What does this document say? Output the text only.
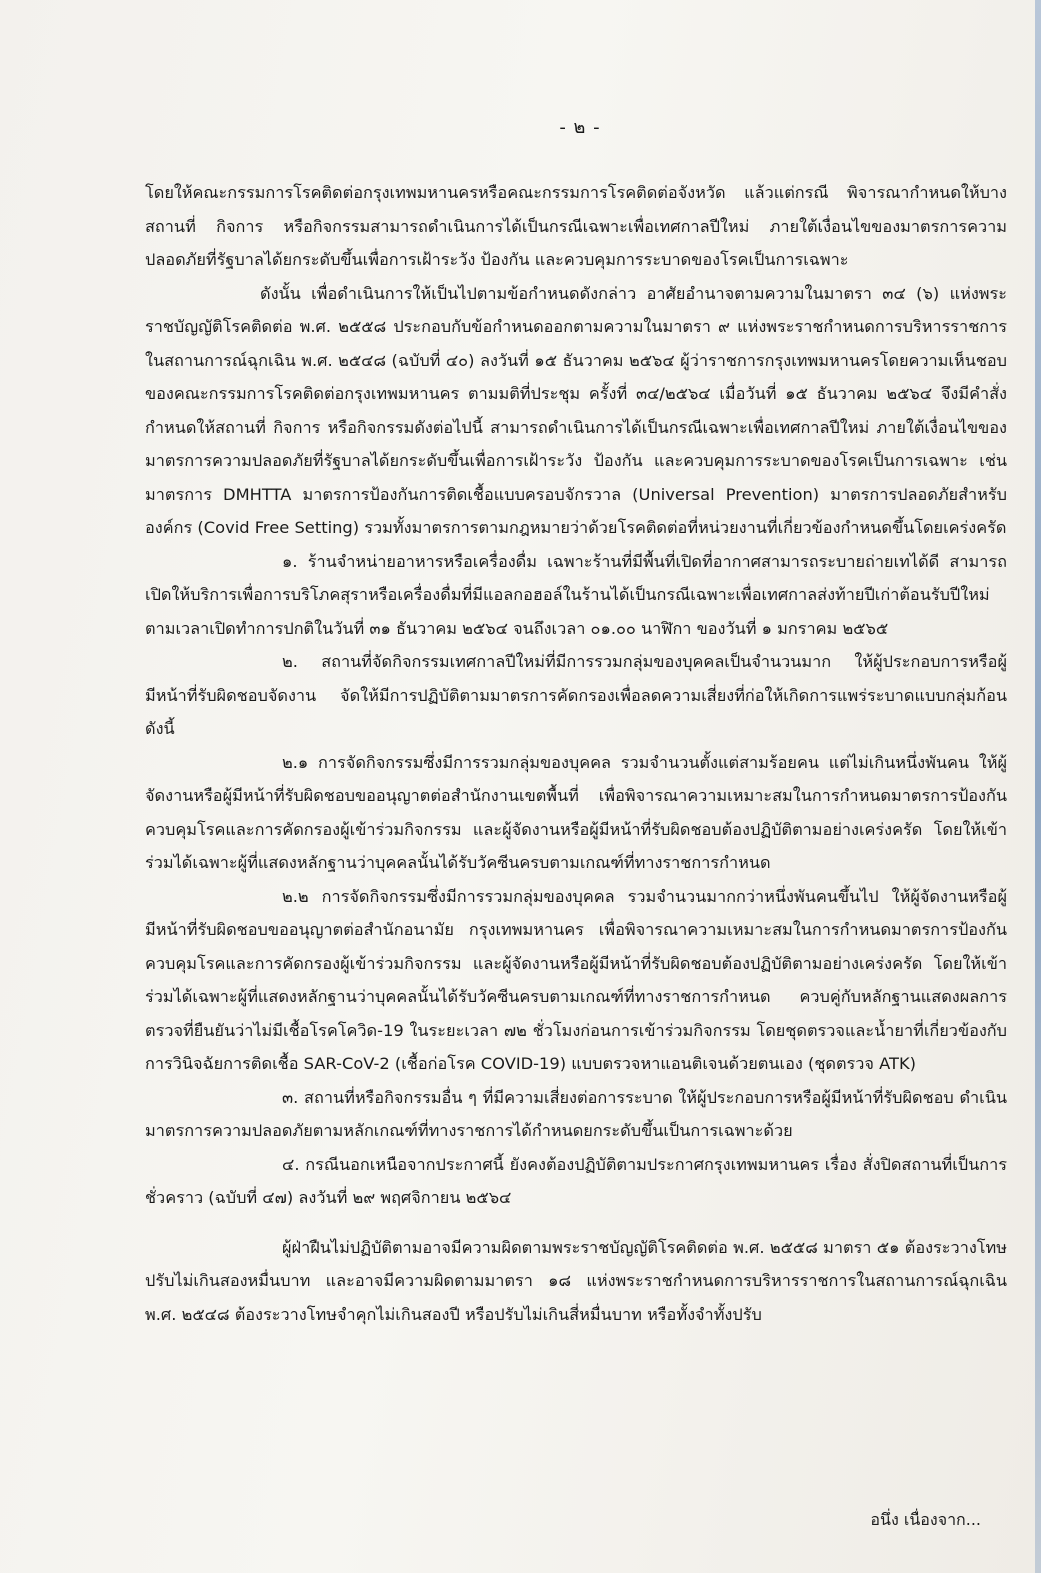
- ๒ -

โดยให้คณะกรรมการโรคติดต่อกรุงเทพมหานครหรือคณะกรรมการโรคติดต่อจังหวัด แล้วแต่กรณี พิจารณากำหนดให้บางสถานที่ กิจการ หรือกิจกรรมสามารถดำเนินการได้เป็นกรณีเฉพาะเพื่อเทศกาลปีใหม่ ภายใต้เงื่อนไขของมาตรการความปลอดภัยที่รัฐบาลได้ยกระดับขึ้นเพื่อการเฝ้าระวัง ป้องกัน และควบคุมการระบาดของโรคเป็นการเฉพาะ

ดังนั้น เพื่อดำเนินการให้เป็นไปตามข้อกำหนดดังกล่าว อาศัยอำนาจตามความในมาตรา ๓๔ (๖) แห่งพระราชบัญญัติโรคติดต่อ พ.ศ. ๒๕๕๘ ประกอบกับข้อกำหนดออกตามความในมาตรา ๙ แห่งพระราชกำหนดการบริหารราชการในสถานการณ์ฉุกเฉิน พ.ศ. ๒๕๔๘ (ฉบับที่ ๔๐) ลงวันที่ ๑๕ ธันวาคม ๒๕๖๔ ผู้ว่าราชการกรุงเทพมหานครโดยความเห็นชอบของคณะกรรมการโรคติดต่อกรุงเทพมหานคร ตามมติที่ประชุม ครั้งที่ ๓๔/๒๕๖๔ เมื่อวันที่ ๑๕ ธันวาคม ๒๕๖๔ จึงมีคำสั่งกำหนดให้สถานที่ กิจการ หรือกิจกรรมดังต่อไปนี้ สามารถดำเนินการได้เป็นกรณีเฉพาะเพื่อเทศกาลปีใหม่ ภายใต้เงื่อนไขของมาตรการความปลอดภัยที่รัฐบาลได้ยกระดับขึ้นเพื่อการเฝ้าระวัง ป้องกัน และควบคุมการระบาดของโรคเป็นการเฉพาะ เช่น มาตรการ DMHTTA มาตรการป้องกันการติดเชื้อแบบครอบจักรวาล (Universal Prevention) มาตรการปลอดภัยสำหรับองค์กร (Covid Free Setting) รวมทั้งมาตรการตามกฎหมายว่าด้วยโรคติดต่อที่หน่วยงานที่เกี่ยวข้องกำหนดขึ้นโดยเคร่งครัด

๑. ร้านจำหน่ายอาหารหรือเครื่องดื่ม เฉพาะร้านที่มีพื้นที่เปิดที่อากาศสามารถระบายถ่ายเทได้ดี สามารถเปิดให้บริการเพื่อการบริโภคสุราหรือเครื่องดื่มที่มีแอลกอฮอล์ในร้านได้เป็นกรณีเฉพาะเพื่อเทศกาลส่งท้ายปีเก่าต้อนรับปีใหม่ ตามเวลาเปิดทำการปกติในวันที่ ๓๑ ธันวาคม ๒๕๖๔ จนถึงเวลา ๐๑.๐๐ นาฬิกา ของวันที่ ๑ มกราคม ๒๕๖๕

๒. สถานที่จัดกิจกรรมเทศกาลปีใหม่ที่มีการรวมกลุ่มของบุคคลเป็นจำนวนมาก ให้ผู้ประกอบการหรือผู้มีหน้าที่รับผิดชอบจัดงาน จัดให้มีการปฏิบัติตามมาตรการคัดกรองเพื่อลดความเสี่ยงที่ก่อให้เกิดการแพร่ระบาดแบบกลุ่มก้อน ดังนี้

๒.๑ การจัดกิจกรรมซึ่งมีการรวมกลุ่มของบุคคล รวมจำนวนตั้งแต่สามร้อยคน แต่ไม่เกินหนึ่งพันคน ให้ผู้จัดงานหรือผู้มีหน้าที่รับผิดชอบขออนุญาตต่อสำนักงานเขตพื้นที่ เพื่อพิจารณาความเหมาะสมในการกำหนดมาตรการป้องกันควบคุมโรคและการคัดกรองผู้เข้าร่วมกิจกรรม และผู้จัดงานหรือผู้มีหน้าที่รับผิดชอบต้องปฏิบัติตามอย่างเคร่งครัด โดยให้เข้าร่วมได้เฉพาะผู้ที่แสดงหลักฐานว่าบุคคลนั้นได้รับวัคซีนครบตามเกณฑ์ที่ทางราชการกำหนด

๒.๒ การจัดกิจกรรมซึ่งมีการรวมกลุ่มของบุคคล รวมจำนวนมากกว่าหนึ่งพันคนขึ้นไป ให้ผู้จัดงานหรือผู้มีหน้าที่รับผิดชอบขออนุญาตต่อสำนักอนามัย กรุงเทพมหานคร เพื่อพิจารณาความเหมาะสมในการกำหนดมาตรการป้องกันควบคุมโรคและการคัดกรองผู้เข้าร่วมกิจกรรม และผู้จัดงานหรือผู้มีหน้าที่รับผิดชอบต้องปฏิบัติตามอย่างเคร่งครัด โดยให้เข้าร่วมได้เฉพาะผู้ที่แสดงหลักฐานว่าบุคคลนั้นได้รับวัคซีนครบตามเกณฑ์ที่ทางราชการกำหนด ควบคู่กับหลักฐานแสดงผลการตรวจที่ยืนยันว่าไม่มีเชื้อโรคโควิด-19 ในระยะเวลา ๗๒ ชั่วโมงก่อนการเข้าร่วมกิจกรรม โดยชุดตรวจและน้ำยาที่เกี่ยวข้องกับการวินิจฉัยการติดเชื้อ SAR-CoV-2 (เชื้อก่อโรค COVID-19) แบบตรวจหาแอนติเจนด้วยตนเอง (ชุดตรวจ ATK)

๓. สถานที่หรือกิจกรรมอื่น ๆ ที่มีความเสี่ยงต่อการระบาด ให้ผู้ประกอบการหรือผู้มีหน้าที่รับผิดชอบ ดำเนินมาตรการความปลอดภัยตามหลักเกณฑ์ที่ทางราชการได้กำหนดยกระดับขึ้นเป็นการเฉพาะด้วย

๔. กรณีนอกเหนือจากประกาศนี้ ยังคงต้องปฏิบัติตามประกาศกรุงเทพมหานคร เรื่อง สั่งปิดสถานที่เป็นการชั่วคราว (ฉบับที่ ๔๗) ลงวันที่ ๒๙ พฤศจิกายน ๒๕๖๔

ผู้ฝ่าฝืนไม่ปฏิบัติตามอาจมีความผิดตามพระราชบัญญัติโรคติดต่อ พ.ศ. ๒๕๕๘ มาตรา ๕๑ ต้องระวางโทษปรับไม่เกินสองหมื่นบาท และอาจมีความผิดตามมาตรา ๑๘ แห่งพระราชกำหนดการบริหารราชการในสถานการณ์ฉุกเฉิน พ.ศ. ๒๕๔๘ ต้องระวางโทษจำคุกไม่เกินสองปี หรือปรับไม่เกินสี่หมื่นบาท หรือทั้งจำทั้งปรับ

อนึ่ง เนื่องจาก...
